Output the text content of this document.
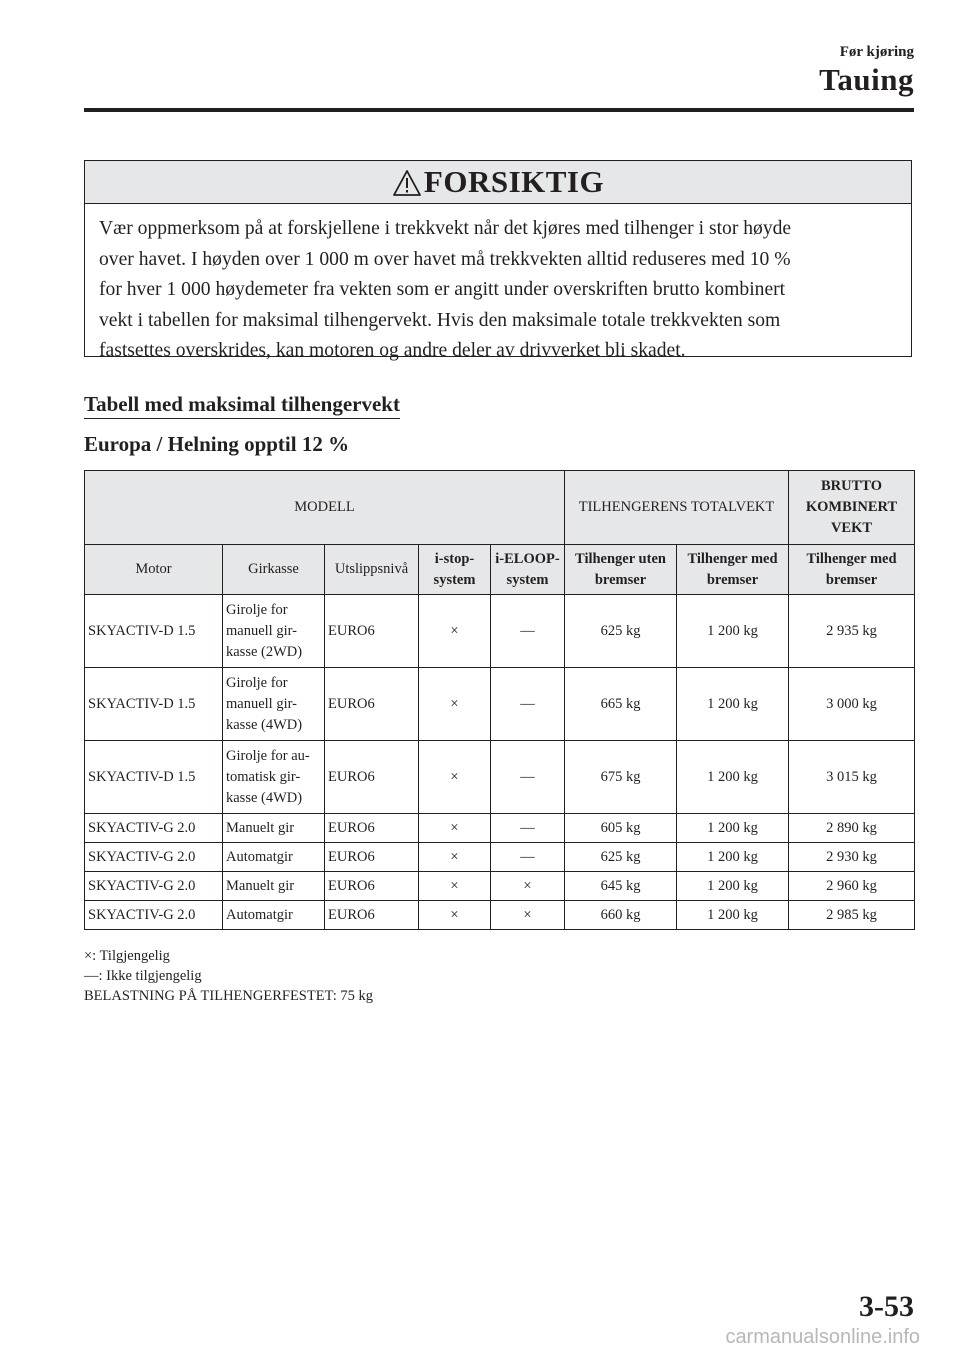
Før kjøring
Tauing
FORSIKTIG
Vær oppmerksom på at forskjellene i trekkvekt når det kjøres med tilhenger i stor høyde
over havet. I høyden over 1 000 m over havet må trekkvekten alltid reduseres med 10 %
for hver 1 000 høydemeter fra vekten som er angitt under overskriften brutto kombinert
vekt i tabellen for maksimal tilhengervekt. Hvis den maksimale totale trekkvekten som
fastsettes overskrides, kan motoren og andre deler av drivverket bli skadet.
Tabell med maksimal tilhengervekt
Europa / Helning opptil 12 %
MODELL					TILHENGERENS TOTALVEKT		BRUTTO KOMBINERT VEKT
Motor	Girkasse	Utslippsnivå	i-stop-system	i-ELOOP-system	Tilhenger uten bremser	Tilhenger med bremser	Tilhenger med bremser
SKYACTIV-D 1.5	Girolje for manuell gir-kasse (2WD)	EURO6	×	—	625 kg	1 200 kg	2 935 kg
SKYACTIV-D 1.5	Girolje for manuell gir-kasse (4WD)	EURO6	×	—	665 kg	1 200 kg	3 000 kg
SKYACTIV-D 1.5	Girolje for au-tomatisk gir-kasse (4WD)	EURO6	×	—	675 kg	1 200 kg	3 015 kg
SKYACTIV-G 2.0	Manuelt gir	EURO6	×	—	605 kg	1 200 kg	2 890 kg
SKYACTIV-G 2.0	Automatgir	EURO6	×	—	625 kg	1 200 kg	2 930 kg
SKYACTIV-G 2.0	Manuelt gir	EURO6	×	×	645 kg	1 200 kg	2 960 kg
SKYACTIV-G 2.0	Automatgir	EURO6	×	×	660 kg	1 200 kg	2 985 kg
×: Tilgjengelig
—: Ikke tilgjengelig
BELASTNING PÅ TILHENGERFESTET: 75 kg
3-53
carmanualsonline.info
